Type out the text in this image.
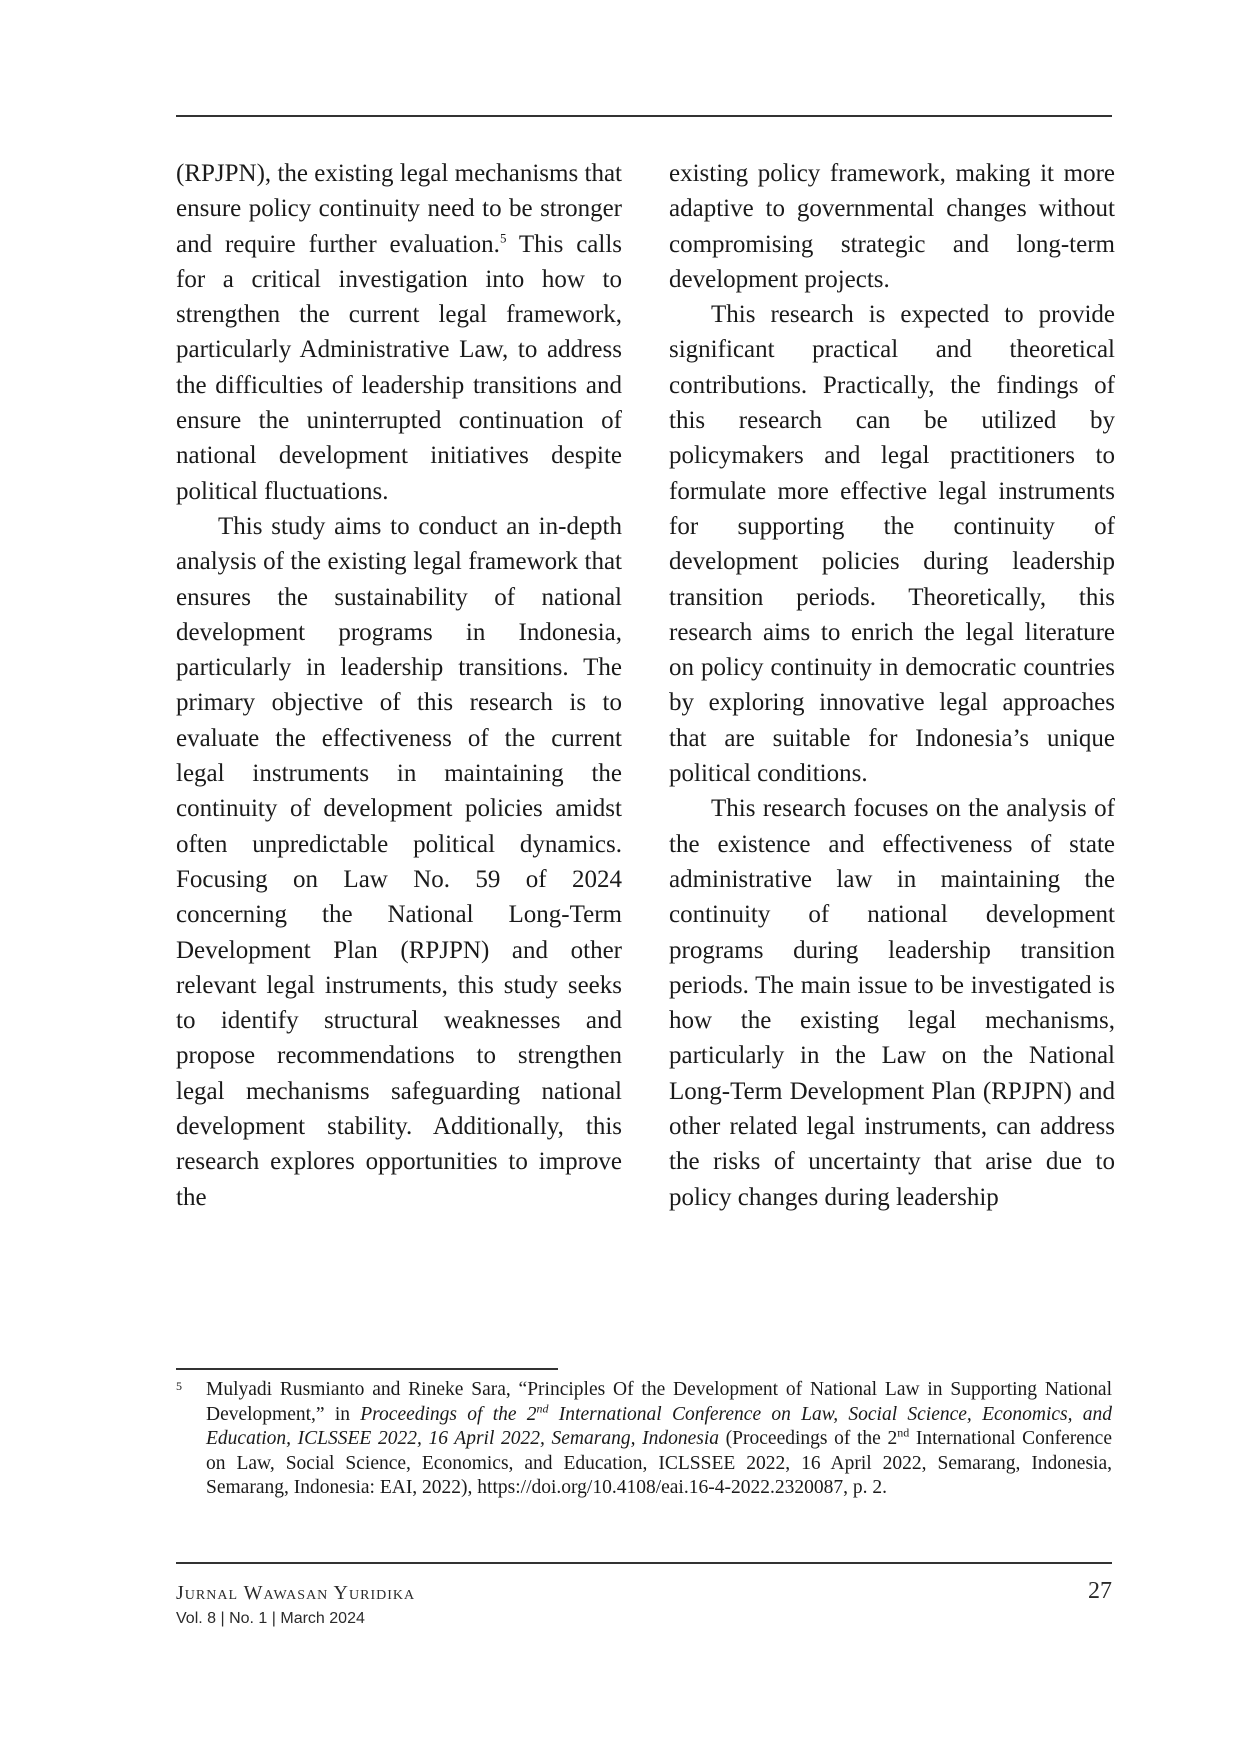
(RPJPN), the existing legal mechanisms that ensure policy continuity need to be stronger and require further evaluation.$^5$ This calls for a critical investigation into how to strengthen the current legal framework, particularly Administrative Law, to address the difficulties of leadership transitions and ensure the uninterrupted continuation of national development initiatives despite political fluctuations.

This study aims to conduct an in-depth analysis of the existing legal framework that ensures the sustainability of national development programs in Indonesia, particularly in leadership transitions. The primary objective of this research is to evaluate the effectiveness of the current legal instruments in maintaining the continuity of development policies amidst often unpredictable political dynamics. Focusing on Law No. 59 of 2024 concerning the National Long-Term Development Plan (RPJPN) and other relevant legal instruments, this study seeks to identify structural weaknesses and propose recommendations to strengthen legal mechanisms safeguarding national development stability. Additionally, this research explores opportunities to improve the

existing policy framework, making it more adaptive to governmental changes without compromising strategic and long-term development projects.

This research is expected to provide significant practical and theoretical contributions. Practically, the findings of this research can be utilized by policymakers and legal practitioners to formulate more effective legal instruments for supporting the continuity of development policies during leadership transition periods. Theoretically, this research aims to enrich the legal literature on policy continuity in democratic countries by exploring innovative legal approaches that are suitable for Indonesia’s unique political conditions.

This research focuses on the analysis of the existence and effectiveness of state administrative law in maintaining the continuity of national development programs during leadership transition periods. The main issue to be investigated is how the existing legal mechanisms, particularly in the Law on the National Long-Term Development Plan (RPJPN) and other related legal instruments, can address the risks of uncertainty that arise due to policy changes during leadership

5 Mulyadi Rusmianto and Rineke Sara, “Principles Of the Development of National Law in Supporting National Development,” in Proceedings of the 2nd International Conference on Law, Social Science, Economics, and Education, ICLSSEE 2022, 16 April 2022, Semarang, Indonesia (Proceedings of the 2nd International Conference on Law, Social Science, Economics, and Education, ICLSSEE 2022, 16 April 2022, Semarang, Indonesia, Semarang, Indonesia: EAI, 2022), https://doi.org/10.4108/eai.16-4-2022.2320087, p. 2.
Jurnal Wawasan Yuridika
Vol. 8 | No. 1 | March 2024
27
